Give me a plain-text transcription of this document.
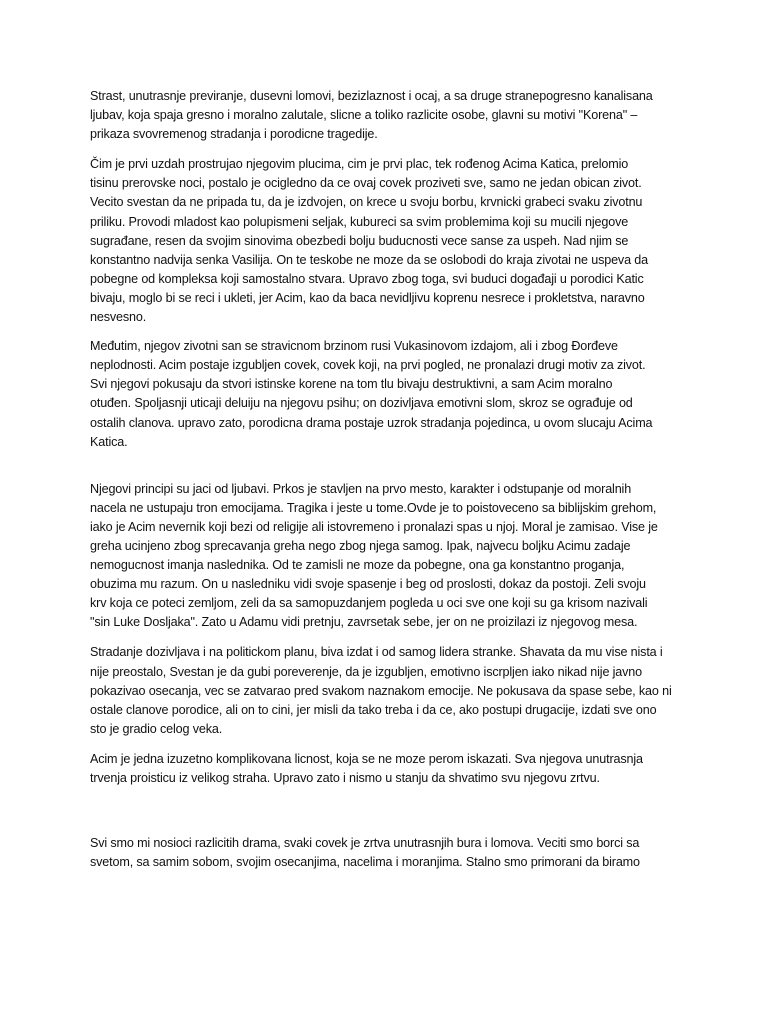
Strast, unutrasnje previranje, dusevni lomovi, bezizlaznost i ocaj, a sa druge stranepogresno kanalisana
ljubav, koja spaja gresno i moralno zalutale, slicne a toliko razlicite osobe, glavni su motivi "Korena" –
prikaza svovremenog stradanja i porodicne tragedije.

Čim je prvi uzdah prostrujao njegovim plucima, cim je prvi plac, tek rođenog Acima Katica, prelomio
tisinu prerovske noci, postalo je ocigledno da ce ovaj covek proziveti sve, samo ne jedan obican zivot.
Vecito svestan da ne pripada tu, da je izdvojen, on krece u svoju borbu, krvnicki grabeci svaku zivotnu
priliku. Provodi mladost kao polupismeni seljak, kubureci sa svim problemima koji su mucili njegove
sugrađane, resen da svojim sinovima obezbedi bolju buducnosti vece sanse za uspeh. Nad njim se
konstantno nadvija senka Vasilija. On te teskobe ne moze da se oslobodi do kraja zivotai ne uspeva da
pobegne od kompleksa koji samostalno stvara. Upravo zbog toga, svi buduci događaji u porodici Katic
bivaju, moglo bi se reci i ukleti, jer Acim, kao da baca nevidljivu koprenu nesrece i prokletstva, naravno
nesvesno.

Međutim, njegov zivotni san se stravicnom brzinom rusi Vukasinovom izdajom, ali i zbog Đorđeve
neplodnosti. Acim postaje izgubljen covek, covek koji, na prvi pogled, ne pronalazi drugi motiv za zivot.
Svi njegovi pokusaju da stvori istinske korene na tom tlu bivaju destruktivni, a sam Acim moralno
otuđen. Spoljasnji uticaji deluiju na njegovu psihu; on dozivljava emotivni slom, skroz se ograđuje od
ostalih clanova. upravo zato, porodicna drama postaje uzrok stradanja pojedinca, u ovom slucaju Acima
Katica.

Njegovi principi su jaci od ljubavi. Prkos je stavljen na prvo mesto, karakter i odstupanje od moralnih
nacela ne ustupaju tron emocijama. Tragika i jeste u tome.Ovde je to poistoveceno sa biblijskim grehom,
iako je Acim nevernik koji bezi od religije ali istovremeno i pronalazi spas u njoj. Moral je zamisao. Vise je
greha ucinjeno zbog sprecavanja greha nego zbog njega samog. Ipak, najvecu boljku Acimu zadaje
nemogucnost imanja naslednika. Od te zamisli ne moze da pobegne, ona ga konstantno proganja,
obuzima mu razum. On u nasledniku vidi svoje spasenje i beg od proslosti, dokaz da postoji. Zeli svoju
krv koja ce poteci zemljom, zeli da sa samopuzdanjem pogleda u oci sve one koji su ga krisom nazivali
"sin Luke Dosljaka". Zato u Adamu vidi pretnju, zavrsetak sebe, jer on ne proizilazi iz njegovog mesa.

Stradanje dozivljava i na politickom planu, biva izdat i od samog lidera stranke. Shavata da mu vise nista i
nije preostalo, Svestan je da gubi poreverenje, da je izgubljen, emotivno iscrpljen iako nikad nije javno
pokazivao osecanja, vec se zatvarao pred svakom naznakom emocije. Ne pokusava da spase sebe, kao ni
ostale clanove porodice, ali on to cini, jer misli da tako treba i da ce, ako postupi drugacije, izdati sve ono
sto je gradio celog veka.

Acim je jedna izuzetno komplikovana licnost, koja se ne moze perom iskazati. Sva njegova unutrasnja
trvenja proisticu iz velikog straha. Upravo zato i nismo u stanju da shvatimo svu njegovu zrtvu.

Svi smo mi nosioci razlicitih drama, svaki covek je zrtva unutrasnjih bura i lomova. Veciti smo borci sa
svetom, sa samim sobom, svojim osecanjima, nacelima i moranjima. Stalno smo primorani da biramo
